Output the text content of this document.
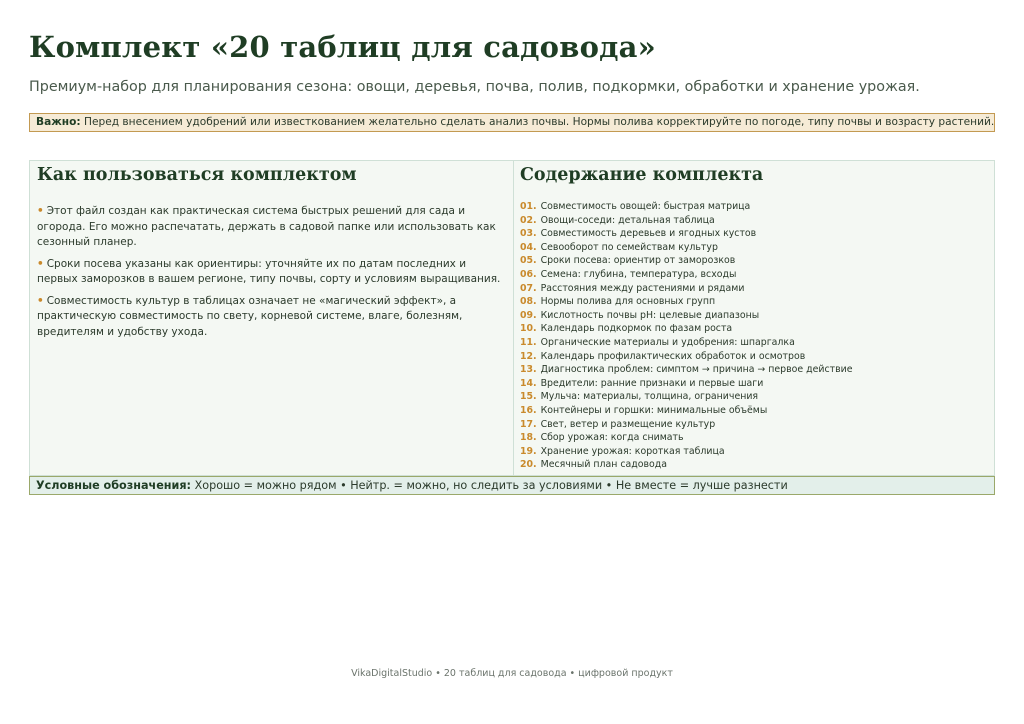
Комплект «20 таблиц для садовода»

Премиум-набор для планирования сезона: овощи, деревья, почва, полив, подкормки, обработки и хранение урожая.

Важно: Перед внесением удобрений или известкованием желательно сделать анализ почвы. Нормы полива корректируйте по погоде, типу почвы и возрасту растений.
Как пользоваться комплектом
• Этот файл создан как практическая система быстрых решений для сада и огорода. Его можно распечатать, держать в садовой папке или использовать как сезонный планер.
• Сроки посева указаны как ориентиры: уточняйте их по датам последних и первых заморозков в вашем регионе, типу почвы, сорту и условиям выращивания.
• Совместимость культур в таблицах означает не «магический эффект», а практическую совместимость по свету, корневой системе, влаге, болезням, вредителям и удобству ухода.
Содержание комплекта
01. Совместимость овощей: быстрая матрица
02. Овощи-соседи: детальная таблица
03. Совместимость деревьев и ягодных кустов
04. Севооборот по семействам культур
05. Сроки посева: ориентир от заморозков
06. Семена: глубина, температура, всходы
07. Расстояния между растениями и рядами
08. Нормы полива для основных групп
09. Кислотность почвы pH: целевые диапазоны
10. Календарь подкормок по фазам роста
11. Органические материалы и удобрения: шпаргалка
12. Календарь профилактических обработок и осмотров
13. Диагностика проблем: симптом → причина → первое действие
14. Вредители: ранние признаки и первые шаги
15. Мульча: материалы, толщина, ограничения
16. Контейнеры и горшки: минимальные объёмы
17. Свет, ветер и размещение культур
18. Сбор урожая: когда снимать
19. Хранение урожая: короткая таблица
20. Месячный план садовода
Условные обозначения: Хорошо = можно рядом • Нейтр. = можно, но следить за условиями • Не вместе = лучше разнести
VikaDigitalStudio • 20 таблиц для садовода • цифровой продукт
